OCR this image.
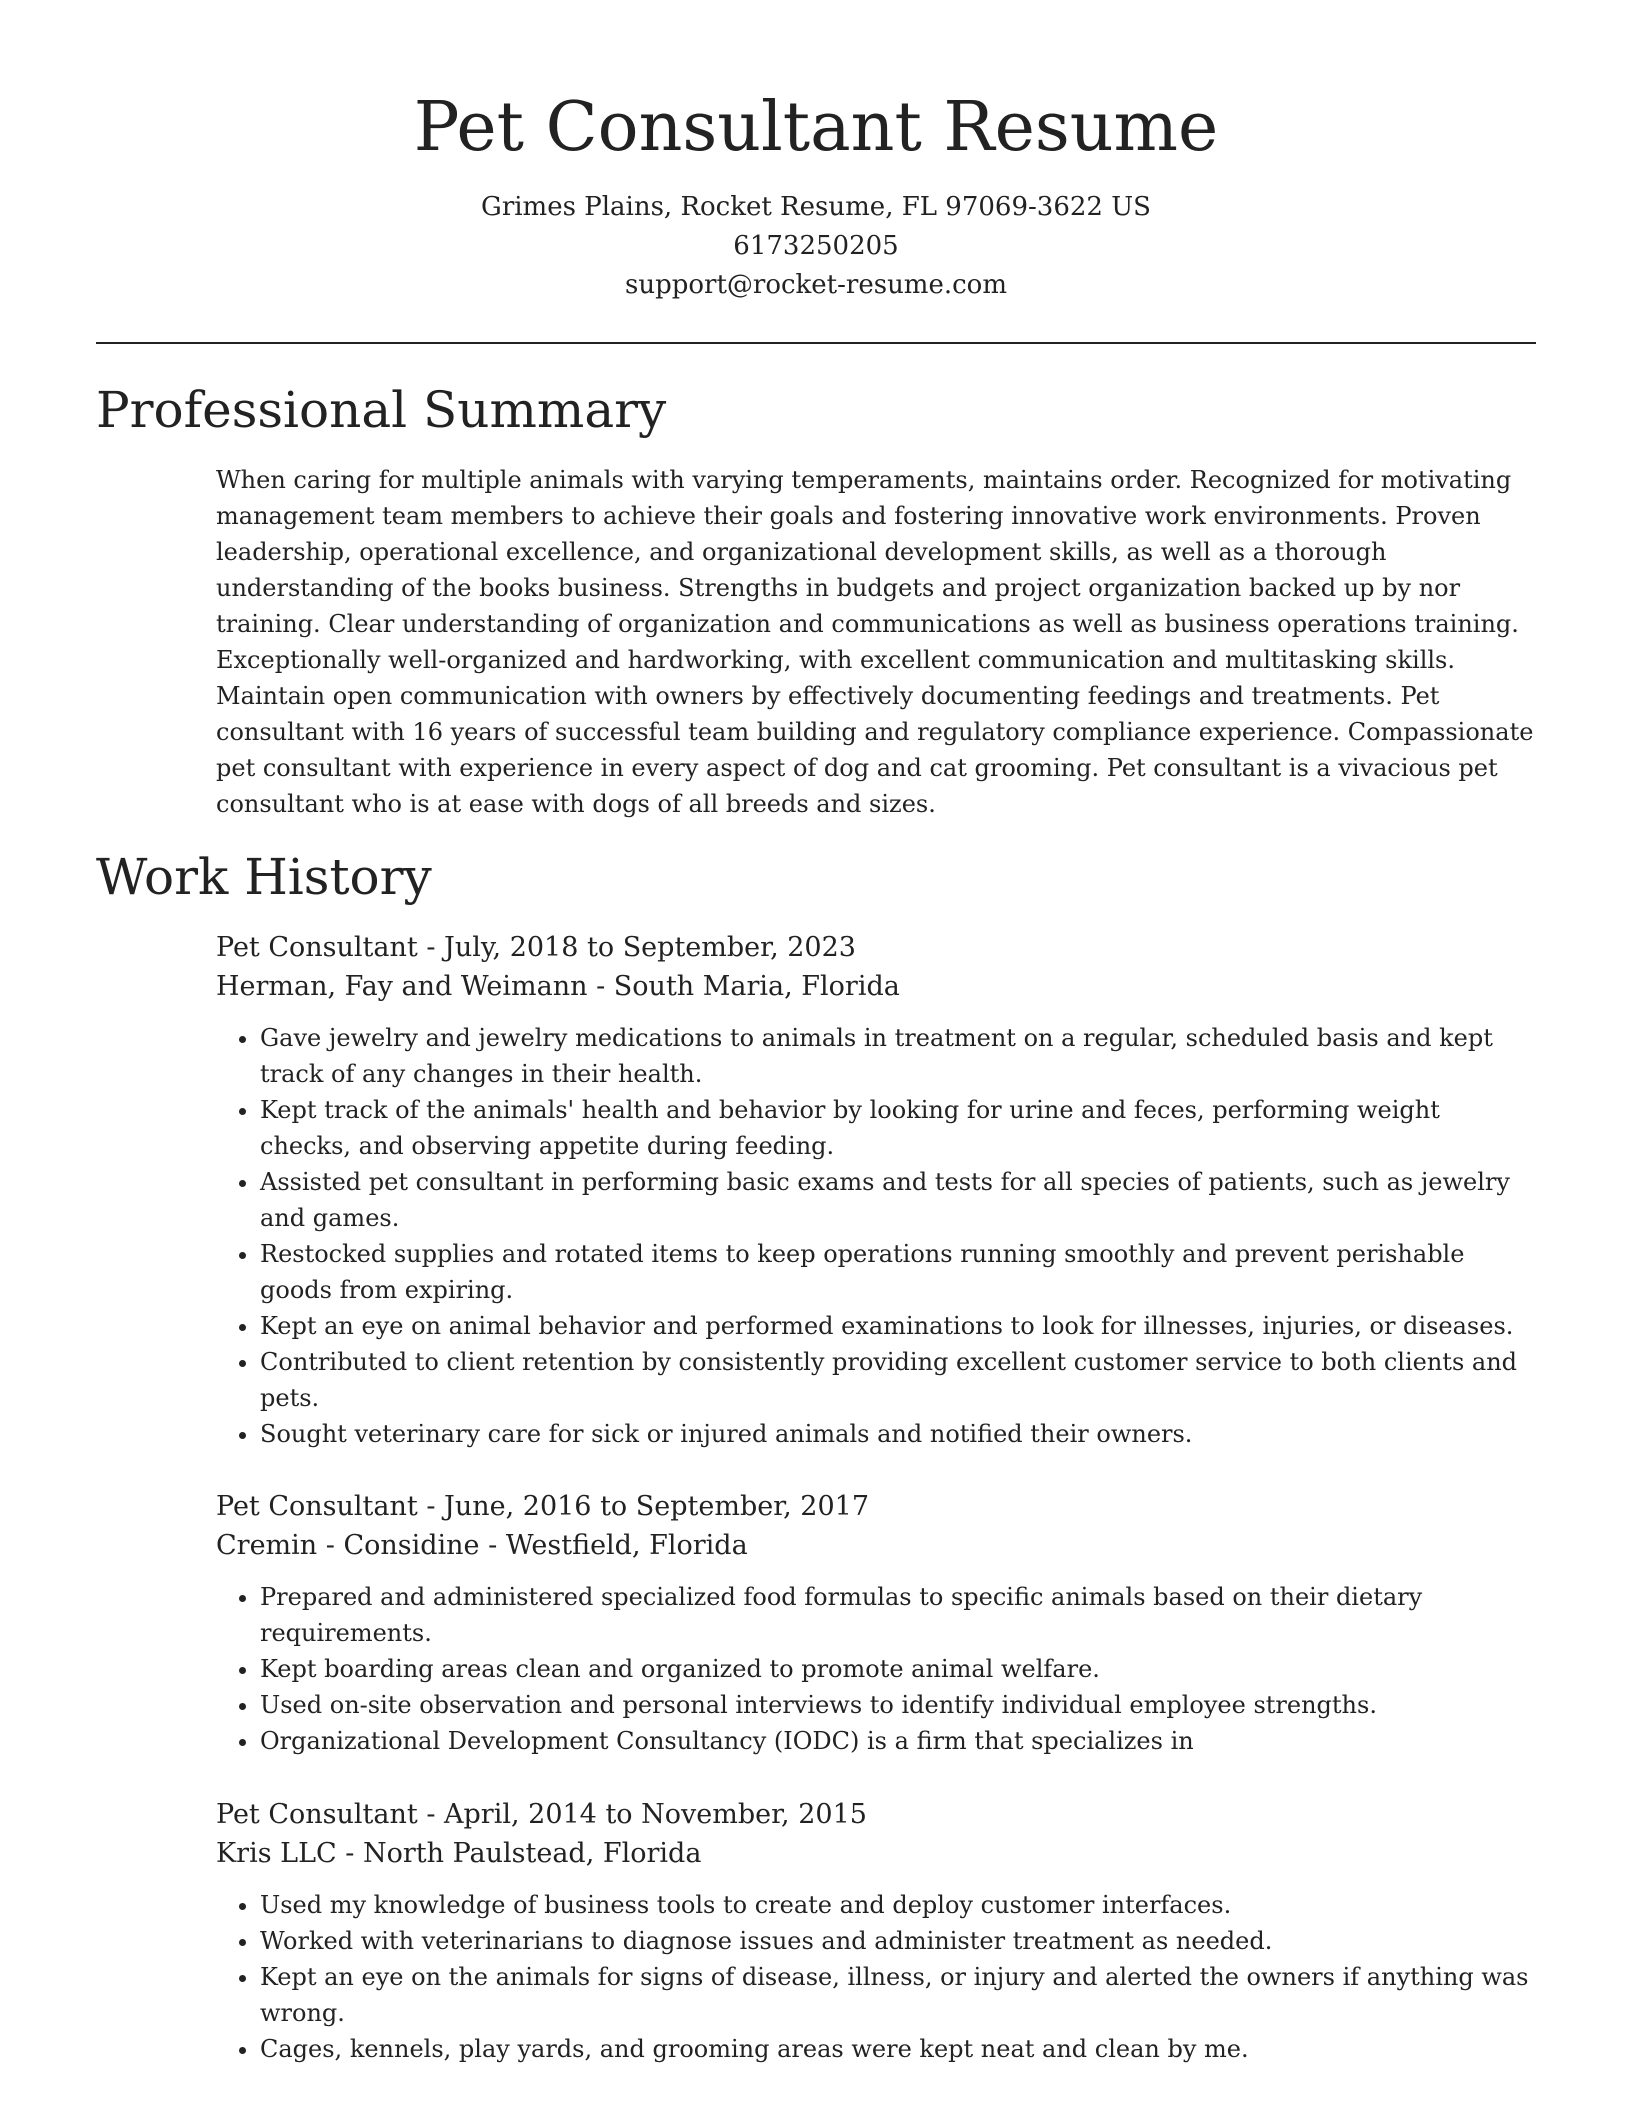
Pet Consultant Resume
Grimes Plains, Rocket Resume, FL 97069-3622 US
6173250205
support@rocket-resume.com
Professional Summary

When caring for multiple animals with varying temperaments, maintains order. Recognized for motivating management team members to achieve their goals and fostering innovative work environments. Proven leadership, operational excellence, and organizational development skills, as well as a thorough understanding of the books business. Strengths in budgets and project organization backed up by nor training. Clear understanding of organization and communications as well as business operations training. Exceptionally well-organized and hardworking, with excellent communication and multitasking skills. Maintain open communication with owners by effectively documenting feedings and treatments. Pet consultant with 16 years of successful team building and regulatory compliance experience. Compassionate pet consultant with experience in every aspect of dog and cat grooming. Pet consultant is a vivacious pet consultant who is at ease with dogs of all breeds and sizes.

Work History
Pet Consultant - July, 2018 to September, 2023
Herman, Fay and Weimann - South Maria, Florida
• Gave jewelry and jewelry medications to animals in treatment on a regular, scheduled basis and kept track of any changes in their health.
• Kept track of the animals' health and behavior by looking for urine and feces, performing weight checks, and observing appetite during feeding.
• Assisted pet consultant in performing basic exams and tests for all species of patients, such as jewelry and games.
• Restocked supplies and rotated items to keep operations running smoothly and prevent perishable goods from expiring.
• Kept an eye on animal behavior and performed examinations to look for illnesses, injuries, or diseases.
• Contributed to client retention by consistently providing excellent customer service to both clients and pets.
• Sought veterinary care for sick or injured animals and notified their owners.
Pet Consultant - June, 2016 to September, 2017
Cremin - Considine - Westfield, Florida
• Prepared and administered specialized food formulas to specific animals based on their dietary requirements.
• Kept boarding areas clean and organized to promote animal welfare.
• Used on-site observation and personal interviews to identify individual employee strengths.
• Organizational Development Consultancy (IODC) is a firm that specializes in
Pet Consultant - April, 2014 to November, 2015
Kris LLC - North Paulstead, Florida
• Used my knowledge of business tools to create and deploy customer interfaces.
• Worked with veterinarians to diagnose issues and administer treatment as needed.
• Kept an eye on the animals for signs of disease, illness, or injury and alerted the owners if anything was wrong.
• Cages, kennels, play yards, and grooming areas were kept neat and clean by me.
